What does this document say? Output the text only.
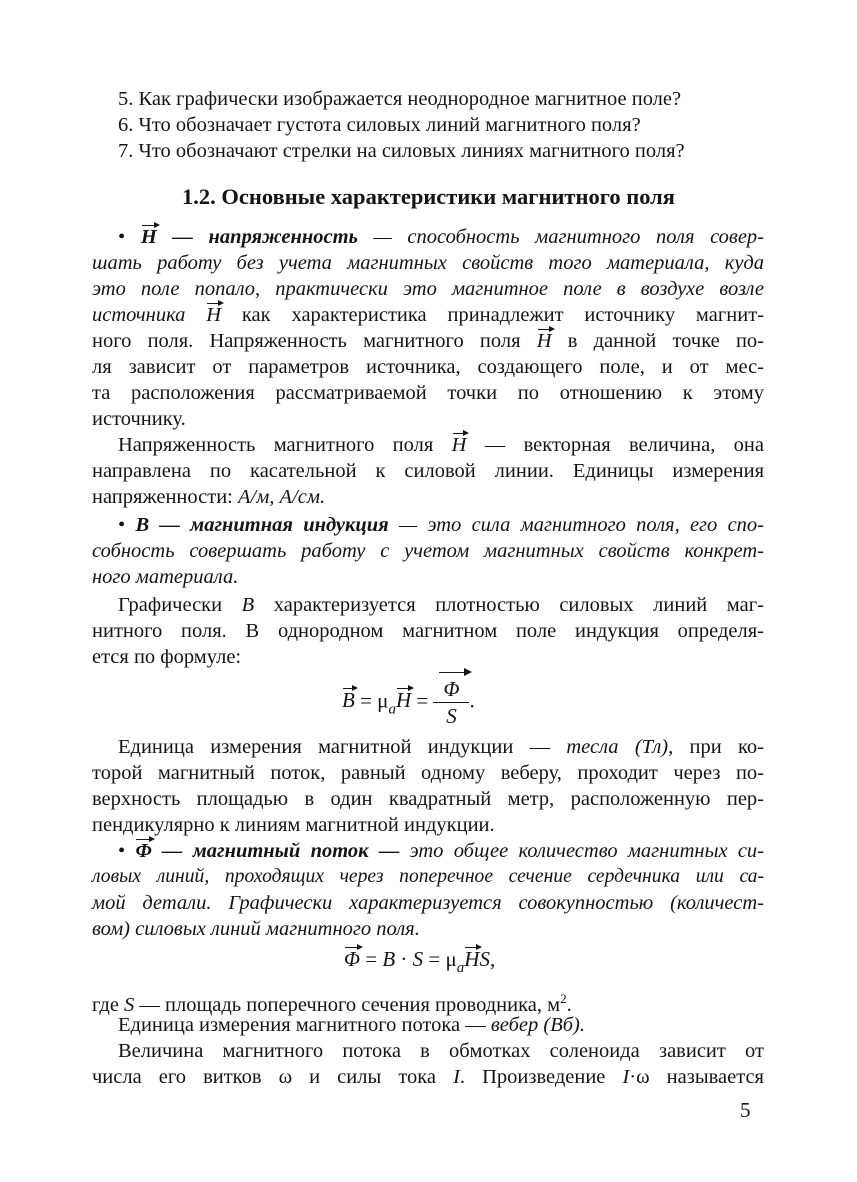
5. Как графически изображается неоднородное магнитное поле?
6. Что обозначает густота силовых линий магнитного поля?
7. Что обозначают стрелки на силовых линиях магнитного поля?
1.2. Основные характеристики магнитного поля
• H — напряженность — способность магнитного поля совер-
шать работу без учета магнитных свойств того материала, куда
это поле попало, практически это магнитное поле в воздухе возле
источника H как характеристика принадлежит источнику магнит-
ного поля. Напряженность магнитного поля H в данной точке по-
ля зависит от параметров источника, создающего поле, и от мес-
та расположения рассматриваемой точки по отношению к этому
источнику.
Напряженность магнитного поля H — векторная величина, она
направлена по касательной к силовой линии. Единицы измерения
напряженности: А/м, А/см.
• В — магнитная индукция — это сила магнитного поля, его спо-
собность совершать работу с учетом магнитных свойств конкрет-
ного материала.
Графически B характеризуется плотностью силовых линий маг-
нитного поля. В однородном магнитном поле индукция определя-
ется по формуле:
$B = \mu_aH = \frac{\Phi}{S}$ .
Единица измерения магнитной индукции — тесла (Тл), при ко-
торой магнитный поток, равный одному веберу, проходит через по-
верхность площадью в один квадратный метр, расположенную пер-
пендикулярно к линиям магнитной индукции.
• Φ — магнитный поток — это общее количество магнитных си-
ловых линий, проходящих через поперечное сечение сердечника или са-
мой детали. Графически характеризуется совокупностью (количест-
вом) силовых линий магнитного поля.
$\Phi = B \cdot S = \mu_aHS$,
где S — площадь поперечного сечения проводника, $м^2$.
Единица измерения магнитного потока — вебер (Вб).
Величина магнитного потока в обмотках соленоида зависит от
числа его витков ω и силы тока I. Произведение I·ω называется
5
